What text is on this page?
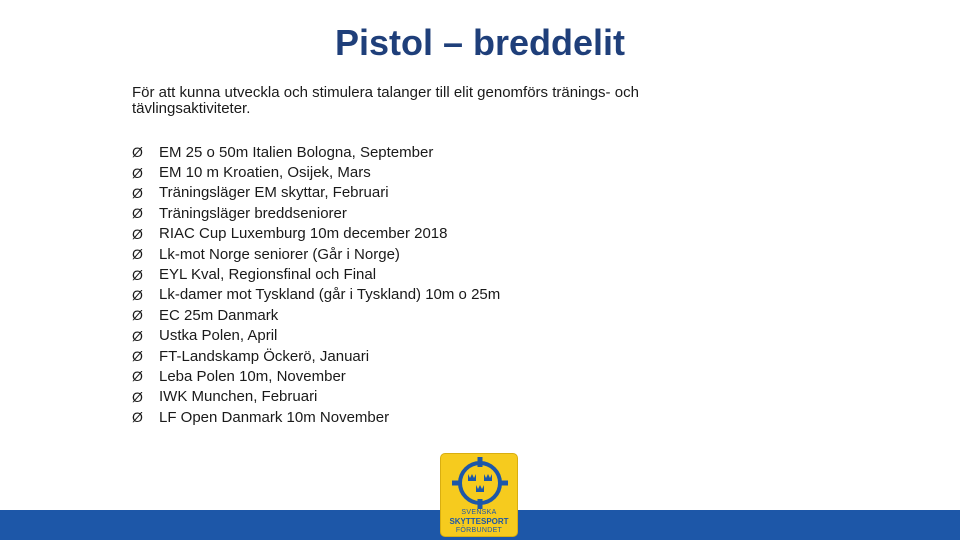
Pistol – breddelit
För att kunna utveckla och stimulera talanger till elit genomförs tränings- och tävlingsaktiviteter.
Ø	EM 25 o 50m Italien Bologna, September
Ø	EM 10 m Kroatien, Osijek, Mars
Ø	Träningsläger EM skyttar, Februari
Ø	Träningsläger breddseniorer
Ø	RIAC Cup Luxemburg 10m december 2018
Ø	Lk-mot Norge seniorer (Går i Norge)
Ø	EYL Kval, Regionsfinal och Final
Ø	Lk-damer mot Tyskland (går i Tyskland) 10m o 25m
Ø	EC 25m Danmark
Ø	Ustka Polen, April
Ø	FT-Landskamp Öckerö, Januari
Ø	Leba Polen 10m, November
Ø	IWK Munchen, Februari
Ø	LF Open Danmark 10m November
SVENSKA
SKYTTESPORT
FÖRBUNDET
